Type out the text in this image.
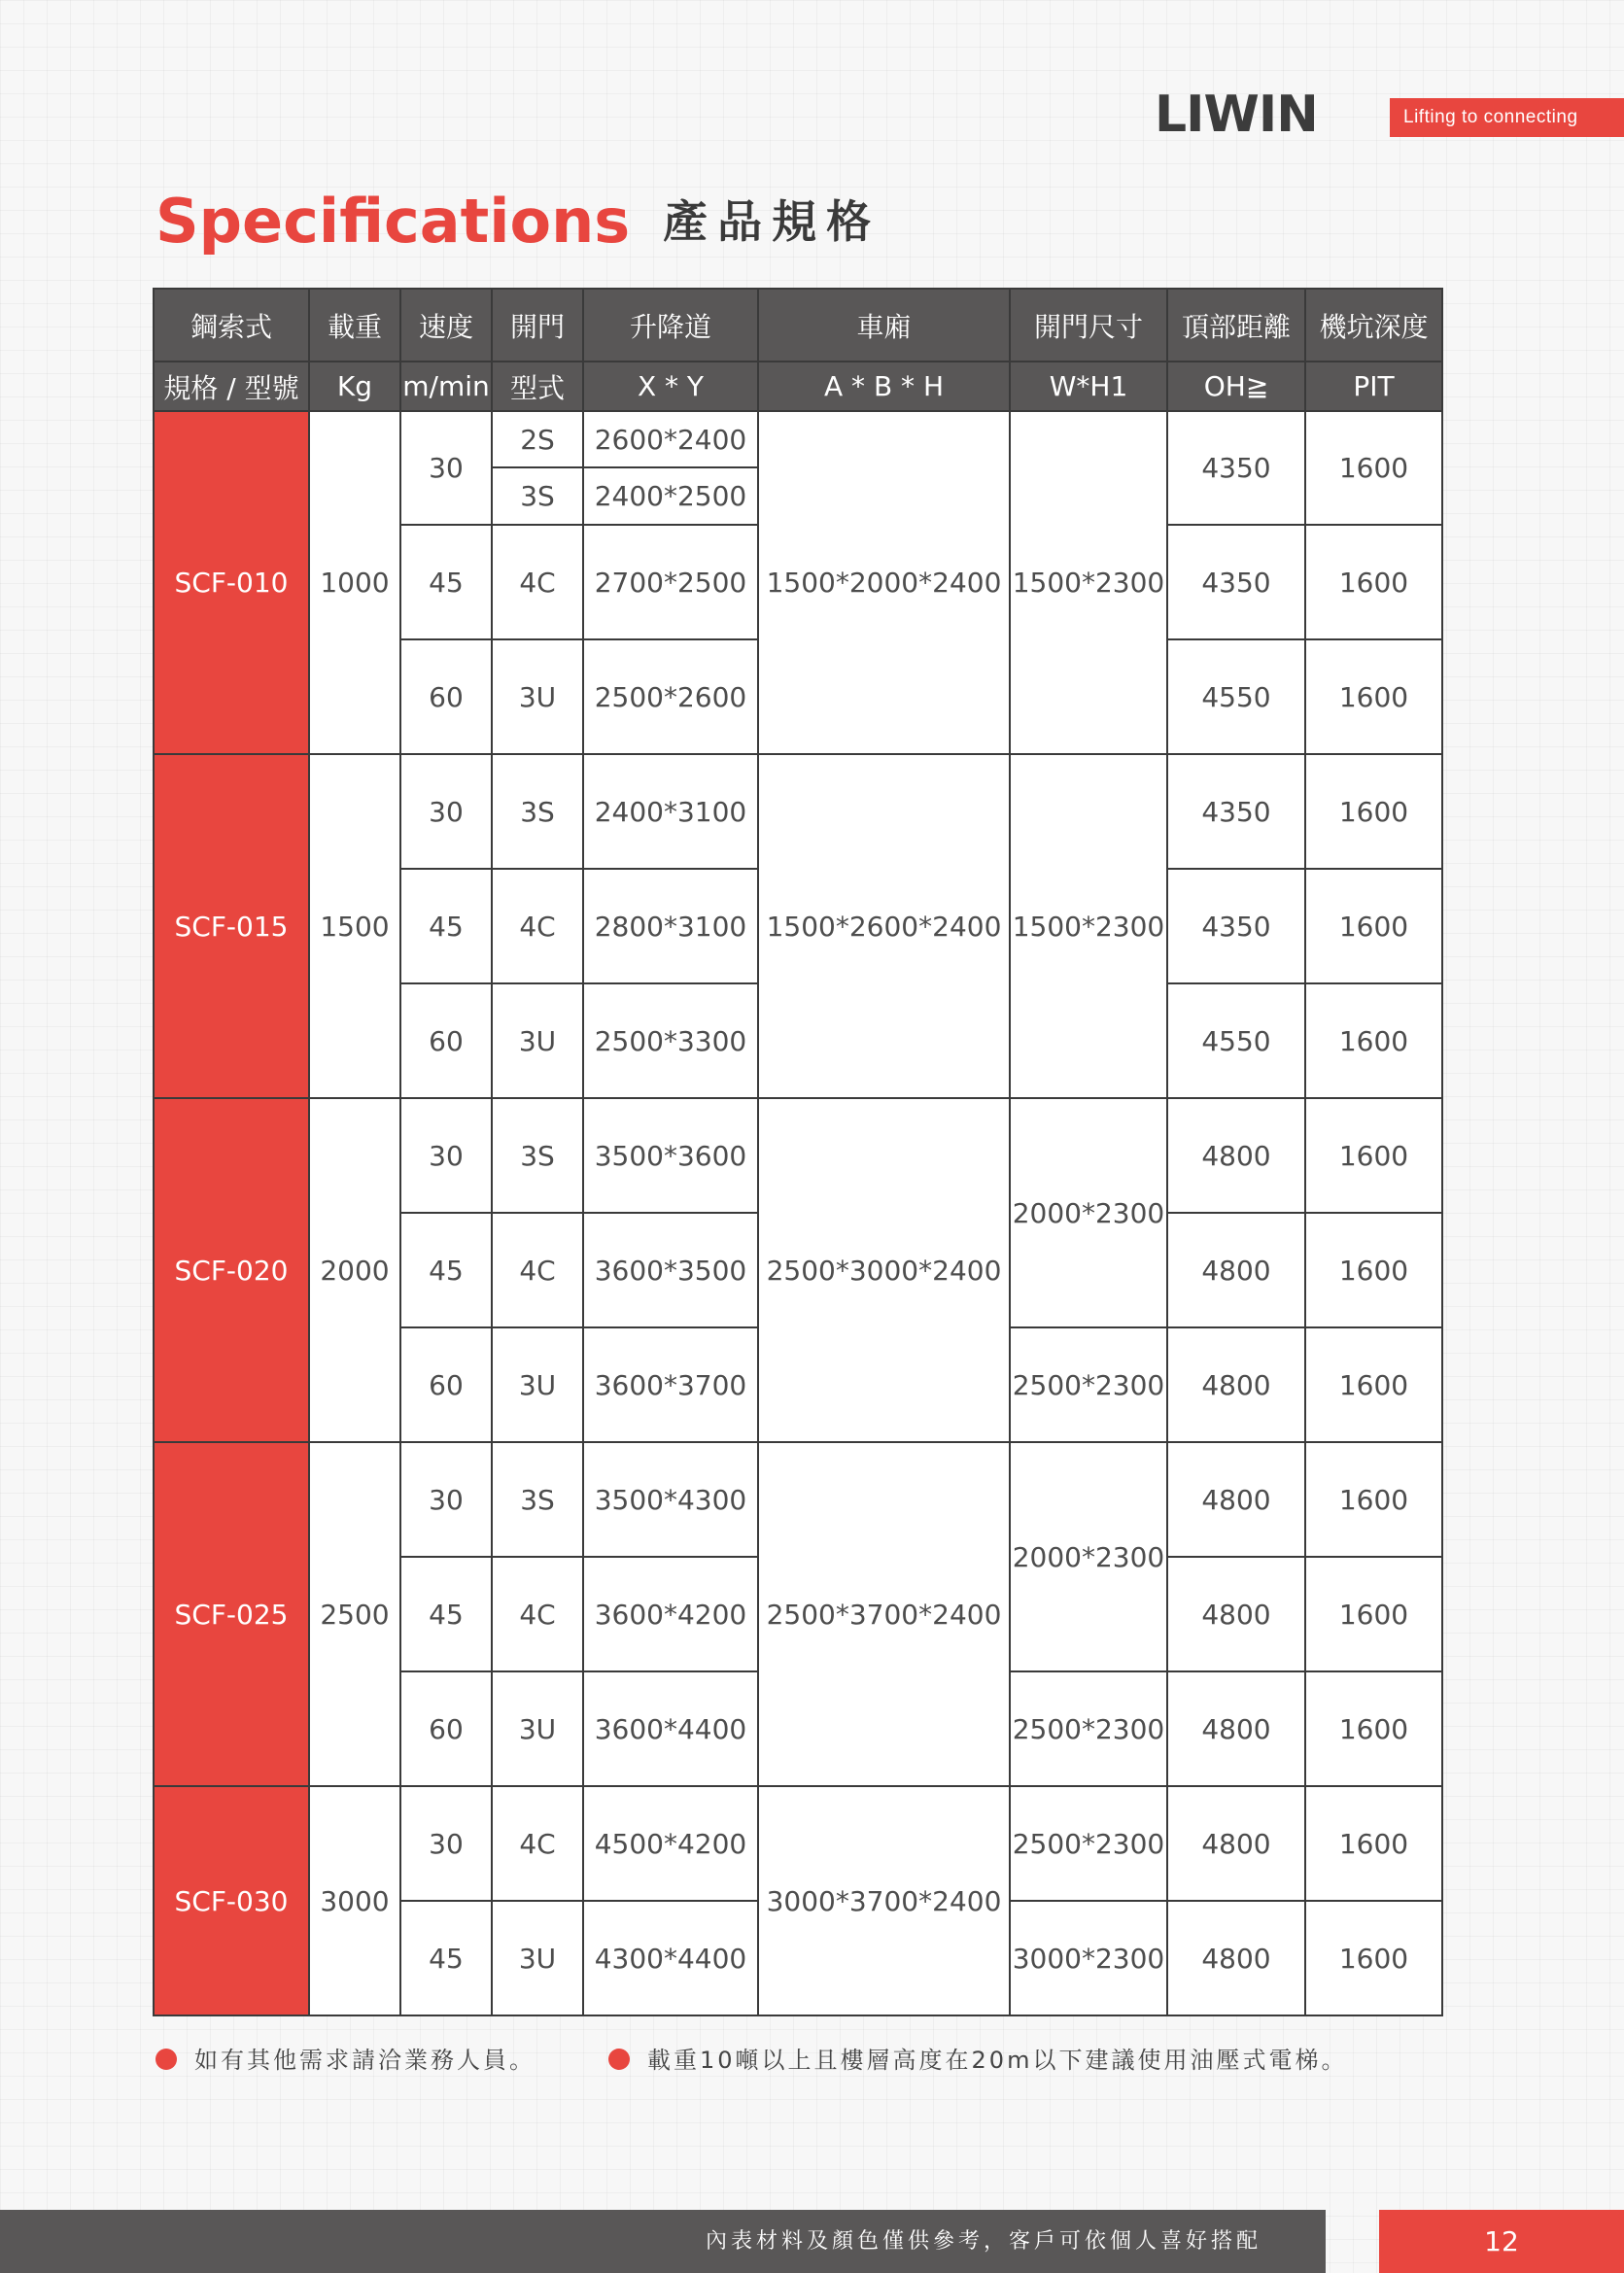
LIWIN	Lifting to connecting
Specifications 產品規格
鋼索式	載重	速度	開門	升降道	車廂	開門尺寸	頂部距離	機坑深度
規格 / 型號	Kg	m/min	型式	X * Y	A * B * H	W*H1	OH≧	PIT
SCF-010	1000	30	2S	2600*2400	1500*2000*2400	1500*2300	4350	1600
			3S	2400*2500				
		45	4C	2700*2500			4350	1600
		60	3U	2500*2600			4550	1600
SCF-015	1500	30	3S	2400*3100	1500*2600*2400	1500*2300	4350	1600
		45	4C	2800*3100			4350	1600
		60	3U	2500*3300			4550	1600
SCF-020	2000	30	3S	3500*3600	2500*3000*2400	2000*2300	4800	1600
		45	4C	3600*3500			4800	1600
		60	3U	3600*3700		2500*2300	4800	1600
SCF-025	2500	30	3S	3500*4300	2500*3700*2400	2000*2300	4800	1600
		45	4C	3600*4200			4800	1600
		60	3U	3600*4400		2500*2300	4800	1600
SCF-030	3000	30	4C	4500*4200	3000*3700*2400	2500*2300	4800	1600
		45	3U	4300*4400		3000*2300	4800	1600
如有其他需求請洽業務人員。	載重10噸以上且樓層高度在20m以下建議使用油壓式電梯。
內表材料及顏色僅供參考，客戶可依個人喜好搭配	12
